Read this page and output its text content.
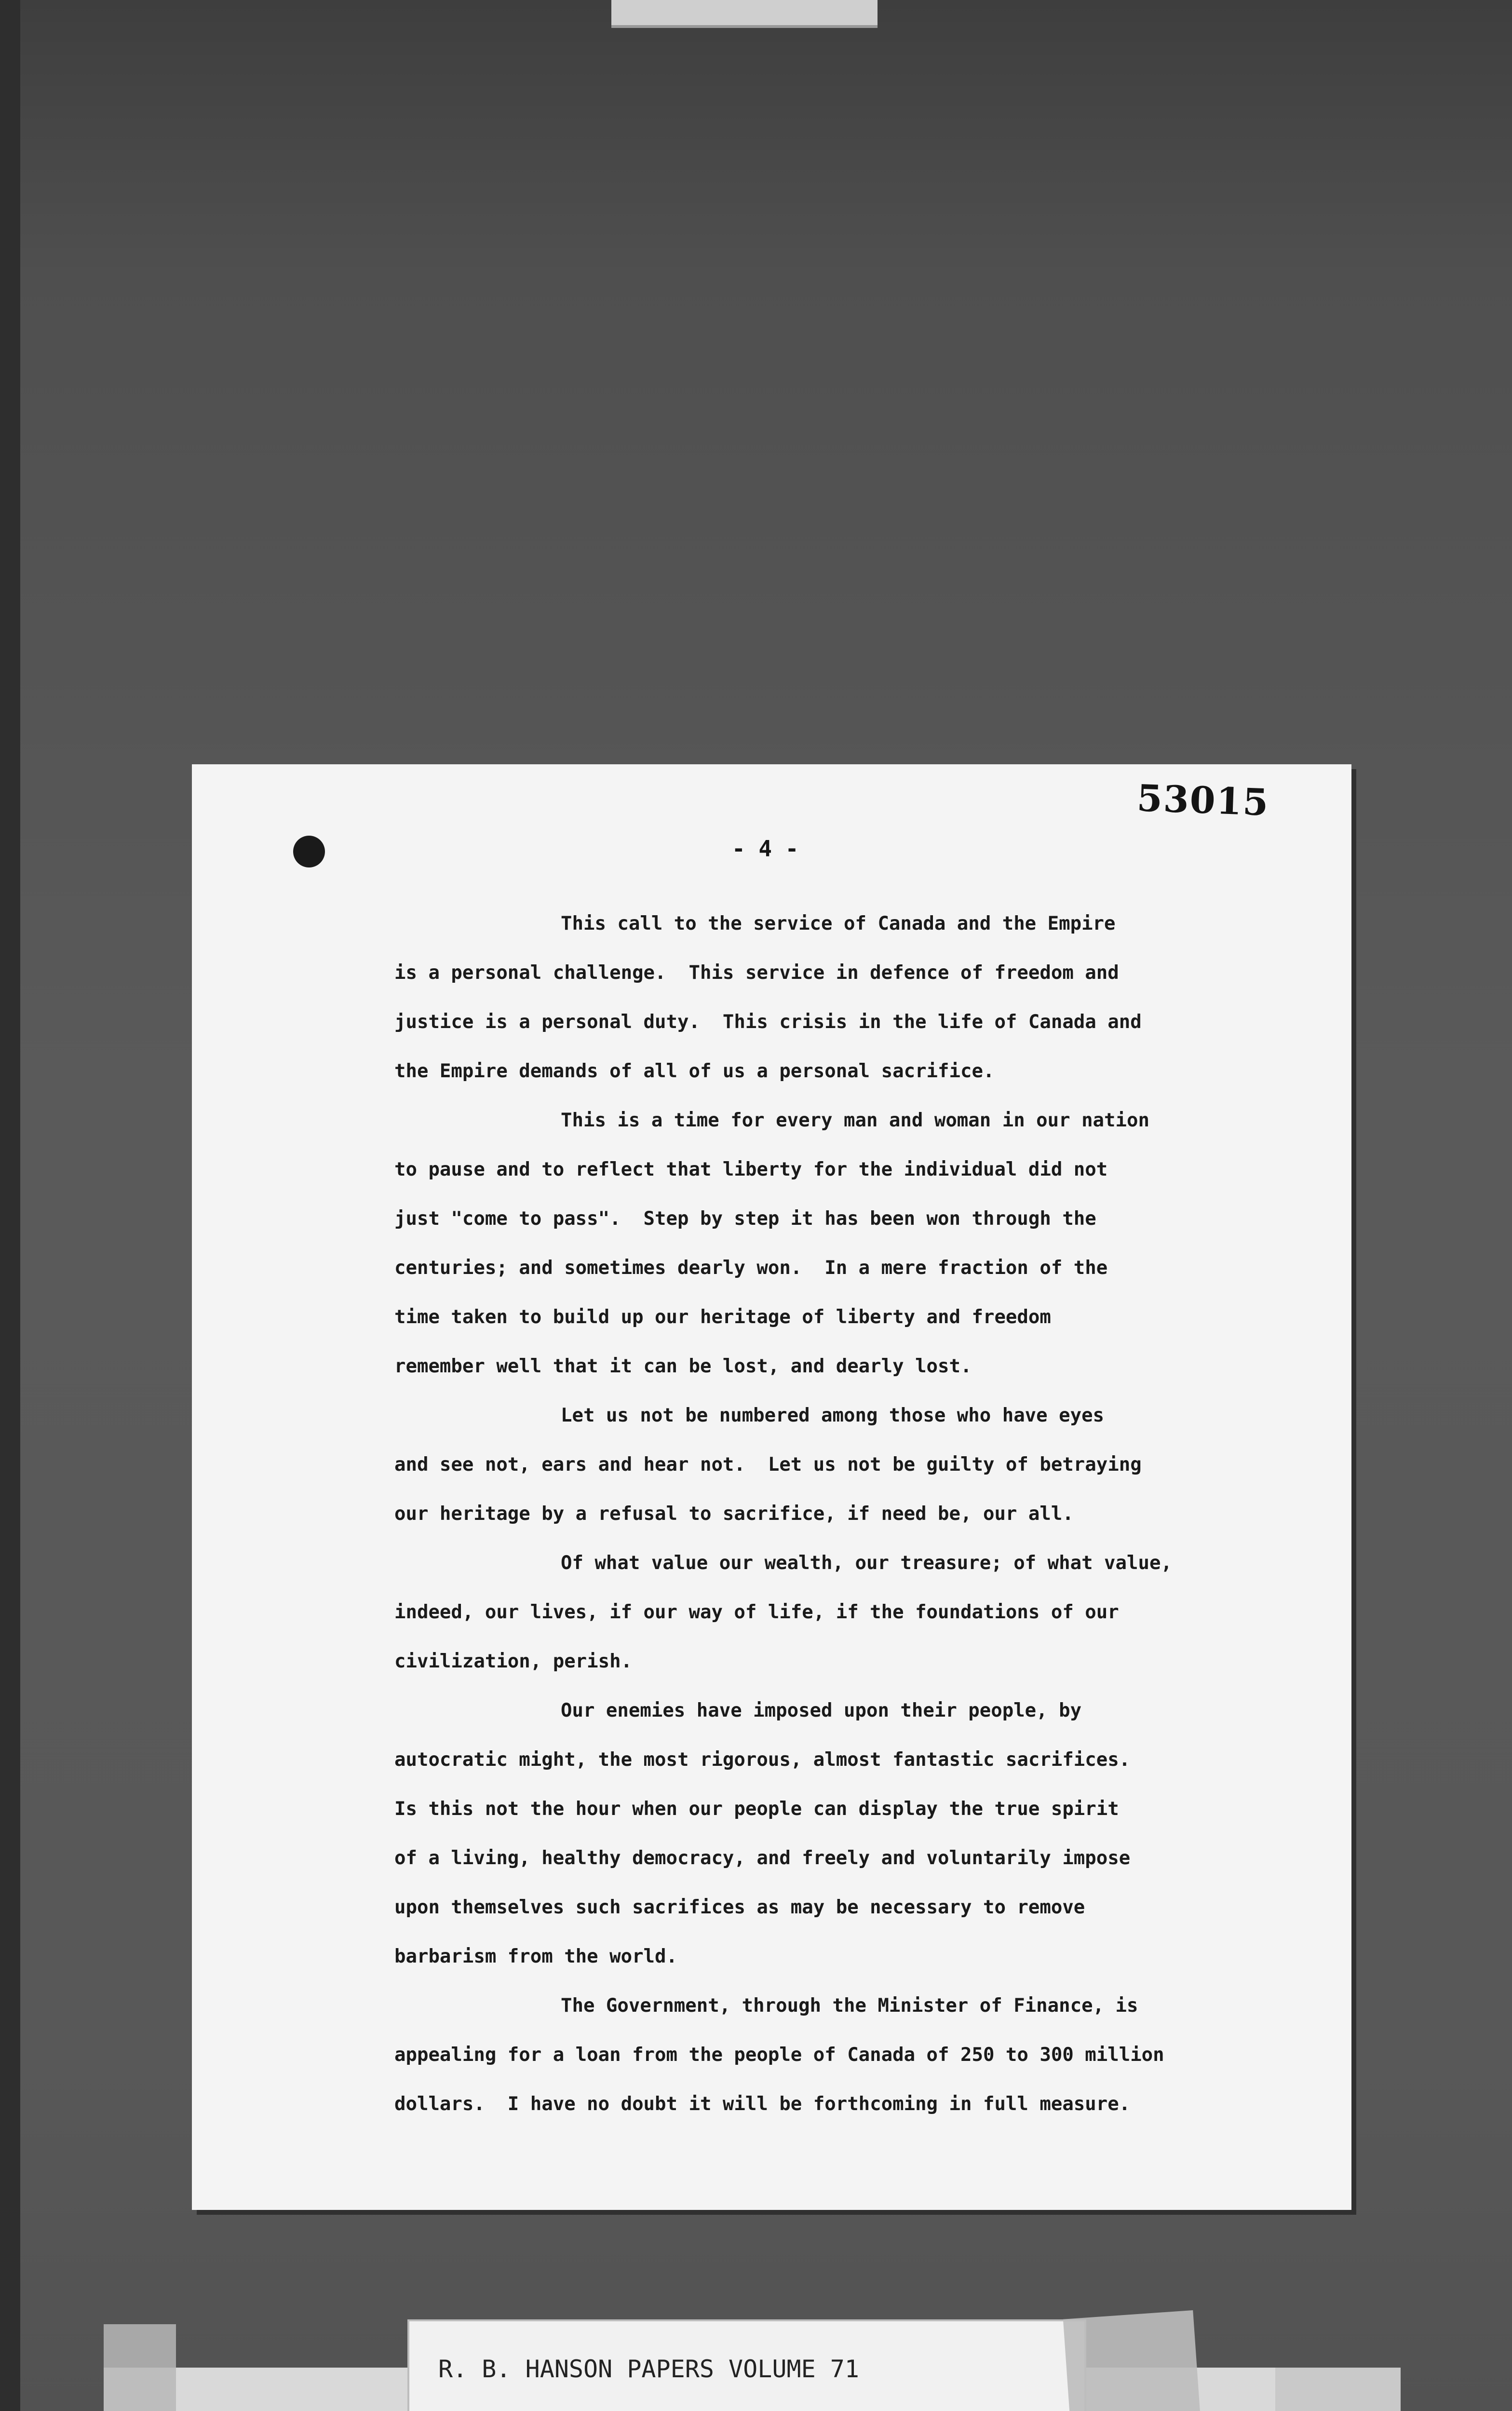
53015
- 4 -
This call to the service of Canada and the Empire
is a personal challenge.  This service in defence of freedom and
justice is a personal duty.  This crisis in the life of Canada and
the Empire demands of all of us a personal sacrifice.
This is a time for every man and woman in our nation
to pause and to reflect that liberty for the individual did not
just "come to pass".  Step by step it has been won through the
centuries; and sometimes dearly won.  In a mere fraction of the
time taken to build up our heritage of liberty and freedom
remember well that it can be lost, and dearly lost.
Let us not be numbered among those who have eyes
and see not, ears and hear not.  Let us not be guilty of betraying
our heritage by a refusal to sacrifice, if need be, our all.
Of what value our wealth, our treasure; of what value,
indeed, our lives, if our way of life, if the foundations of our
civilization, perish.
Our enemies have imposed upon their people, by
autocratic might, the most rigorous, almost fantastic sacrifices.
Is this not the hour when our people can display the true spirit
of a living, healthy democracy, and freely and voluntarily impose
upon themselves such sacrifices as may be necessary to remove
barbarism from the world.
The Government, through the Minister of Finance, is
appealing for a loan from the people of Canada of 250 to 300 million
dollars.  I have no doubt it will be forthcoming in full measure.
R. B. HANSON PAPERS VOLUME 71
